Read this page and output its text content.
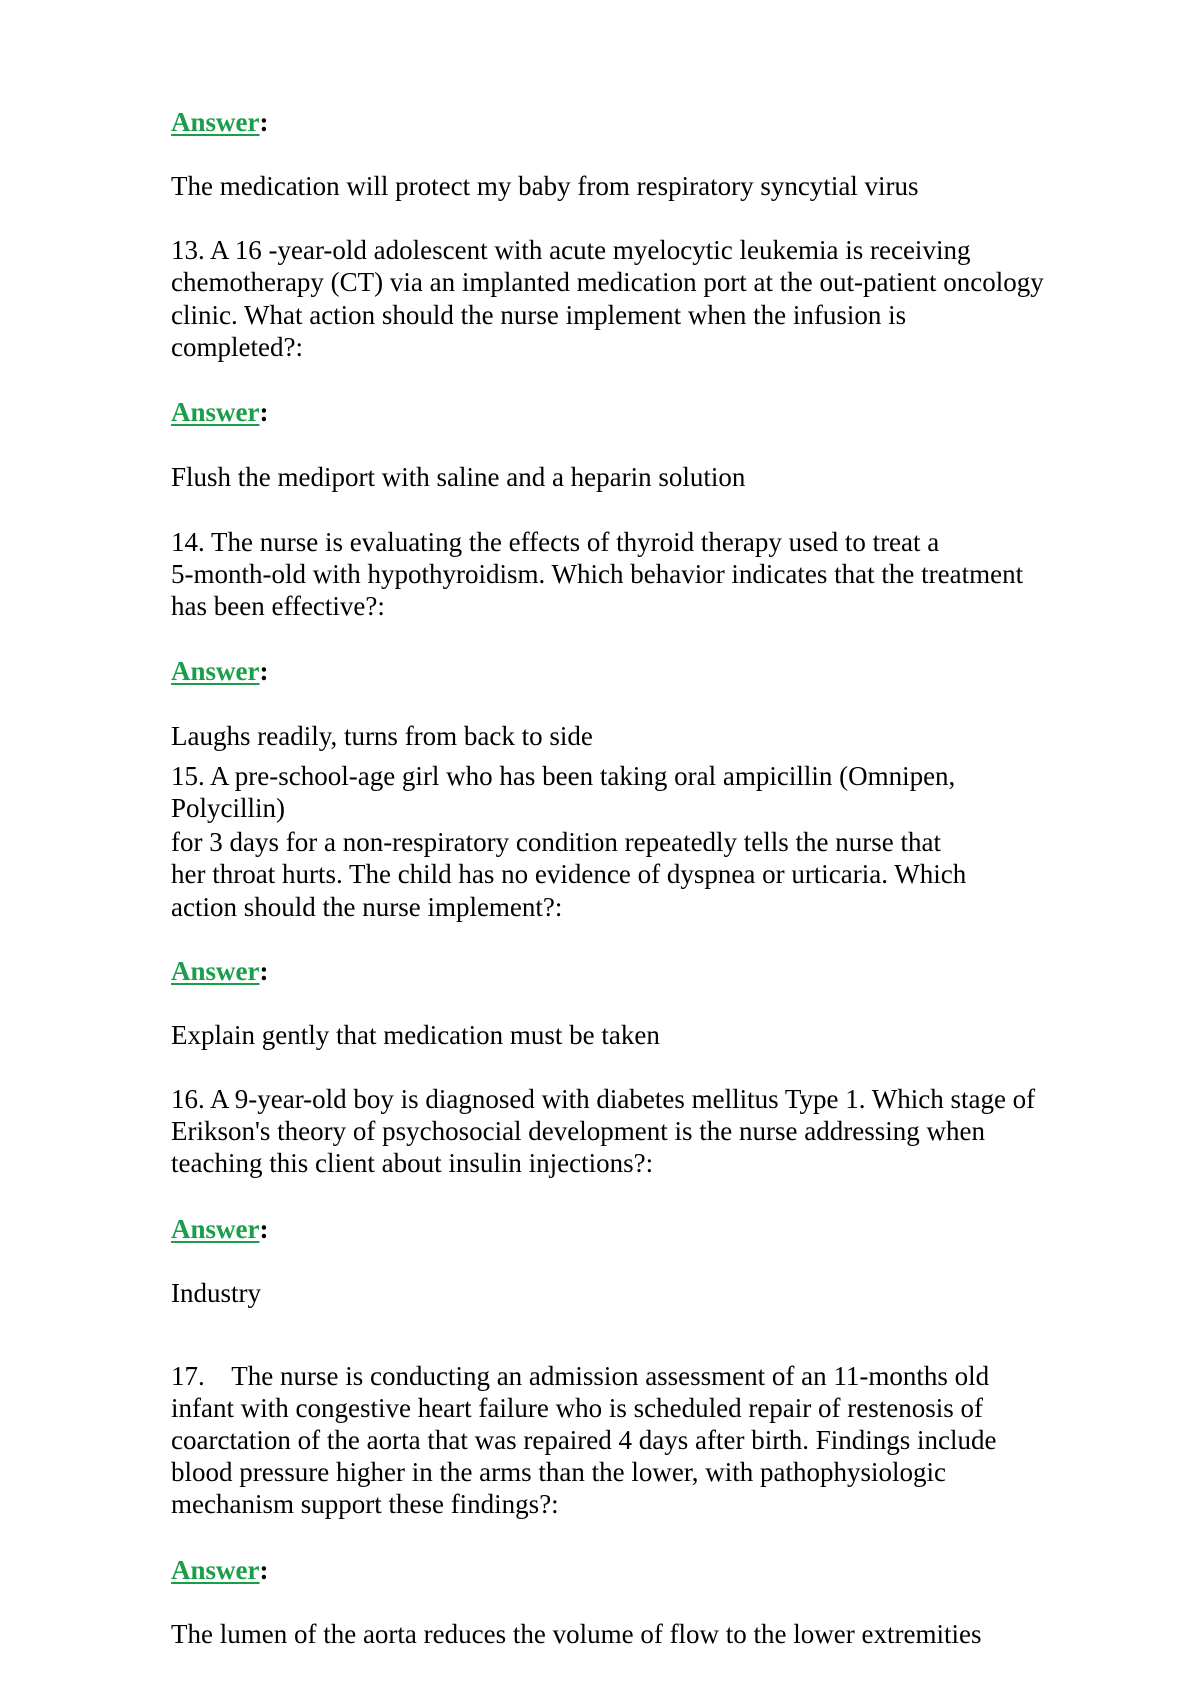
Answer:

The medication will protect my baby from respiratory syncytial virus

13. A 16 -year-old adolescent with acute myelocytic leukemia is receiving

chemotherapy (CT) via an implanted medication port at the out-patient oncology

clinic. What action should the nurse implement when the infusion is

completed?:

Answer:

Flush the mediport with saline and a heparin solution

14. The nurse is evaluating the effects of thyroid therapy used to treat a

5-month-old with hypothyroidism. Which behavior indicates that the treatment

has been effective?:

Answer:

Laughs readily, turns from back to side

15. A pre-school-age girl who has been taking oral ampicillin (Omnipen,

Polycillin)

for 3 days for a non-respiratory condition repeatedly tells the nurse that

her throat hurts. The child has no evidence of dyspnea or urticaria. Which

action should the nurse implement?:

Answer:

Explain gently that medication must be taken

16. A 9-year-old boy is diagnosed with diabetes mellitus Type 1. Which stage of

Erikson's theory of psychosocial development is the nurse addressing when

teaching this client about insulin injections?:

Answer:

Industry

17.    The nurse is conducting an admission assessment of an 11-months old

infant with congestive heart failure who is scheduled repair of restenosis of

coarctation of the aorta that was repaired 4 days after birth. Findings include

blood pressure higher in the arms than the lower, with pathophysiologic

mechanism support these findings?:

Answer:

The lumen of the aorta reduces the volume of flow to the lower extremities
